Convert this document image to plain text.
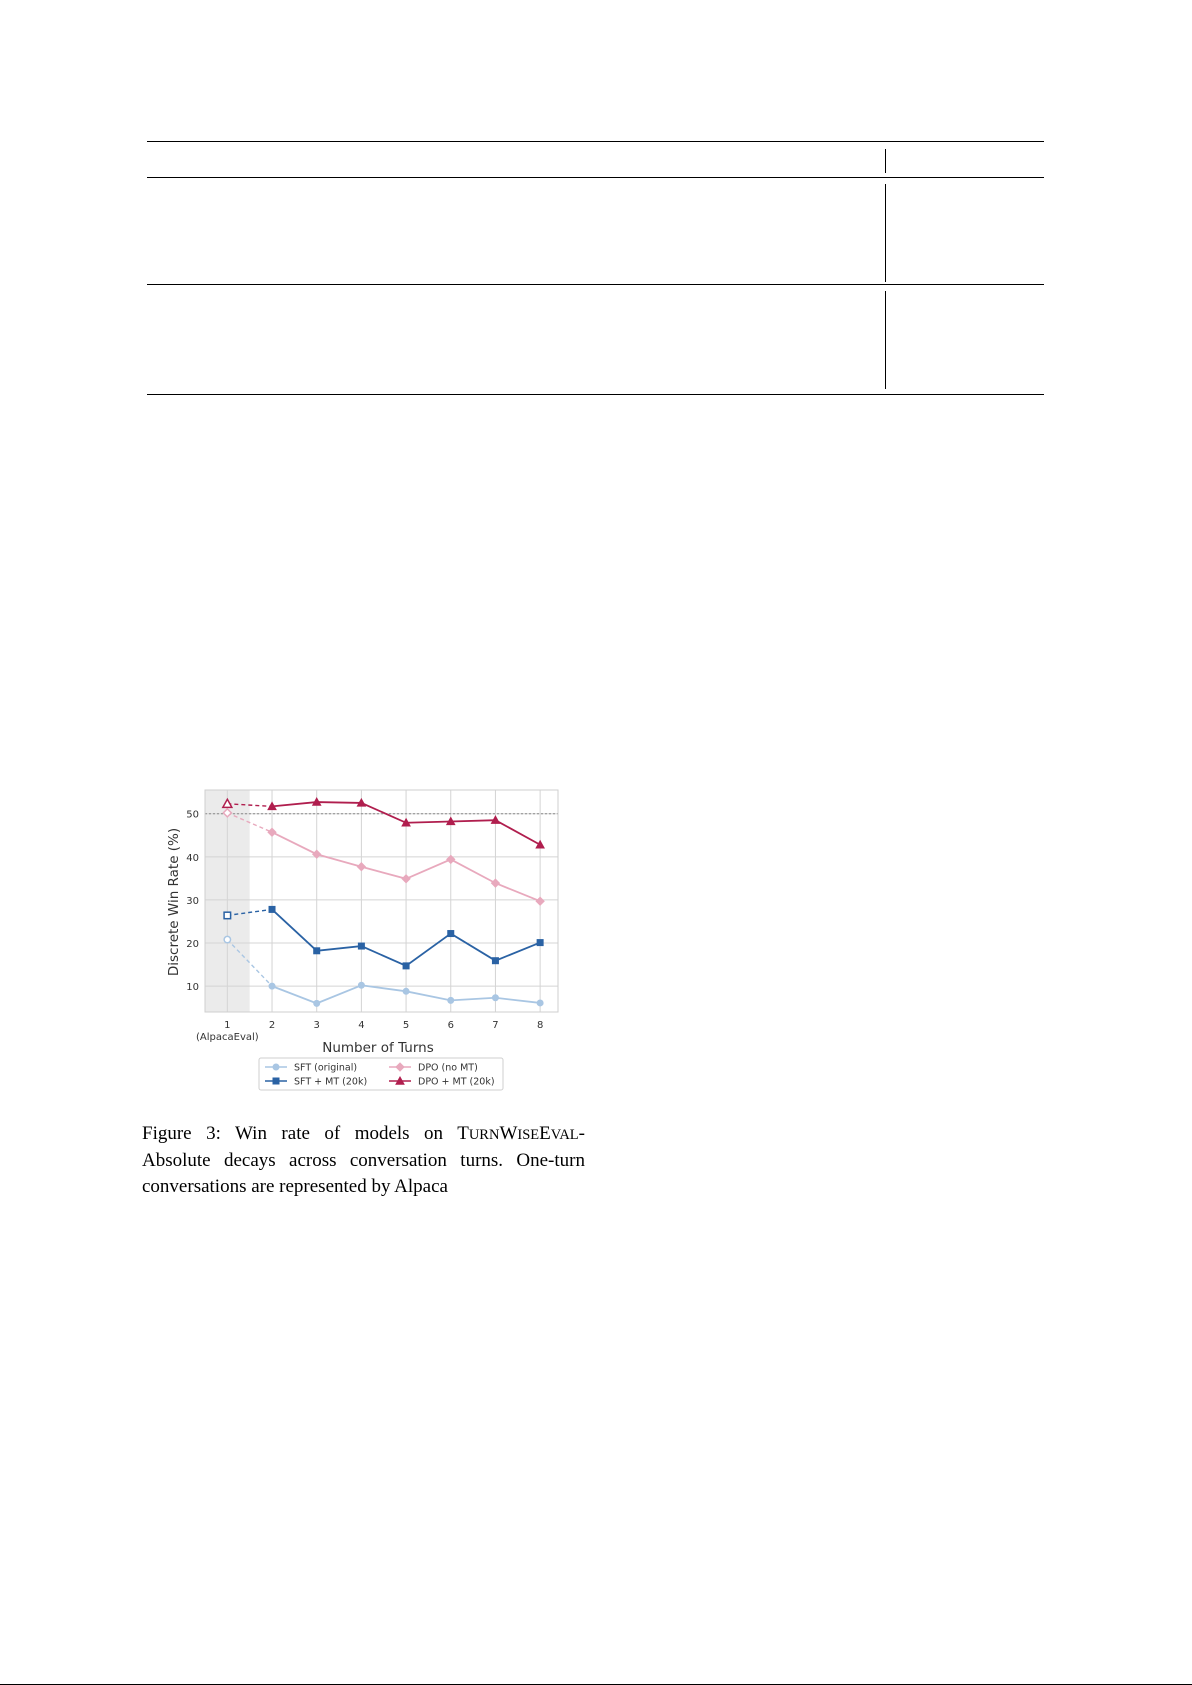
10
20
30
40
50
1	2	3	4	5	6	7	8
(AlpacaEval)
Number of Turns
Discrete Win Rate (%)
SFT (original)	DPO (no MT)
SFT + MT (20k)	DPO + MT (20k)
Figure 3: Win rate of models on TURNWISEEVAL- Absolute decays across conversation turns. One-turn conversations are represented by Alpaca
